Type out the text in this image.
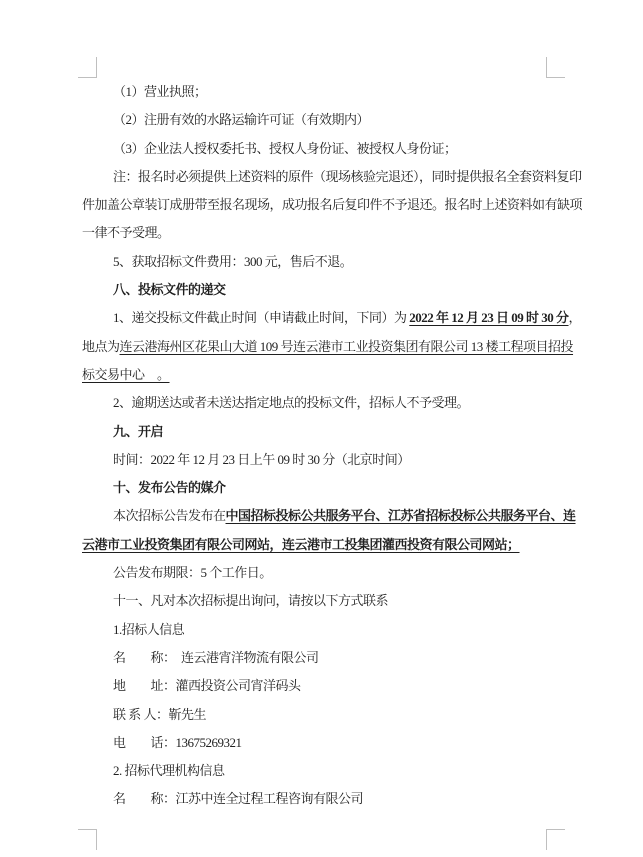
（1）营业执照；
（2）注册有效的水路运输许可证（有效期内）
（3）企业法人授权委托书、授权人身份证、被授权人身份证；
注：报名时必须提供上述资料的原件（现场核验完退还），同时提供报名全套资料复印
件加盖公章装订成册带至报名现场，成功报名后复印件不予退还。报名时上述资料如有缺项
一律不予受理。
5、获取招标文件费用：300 元，售后不退。
八、投标文件的递交
1、递交投标文件截止时间（申请截止时间，下同）为 2022 年 12 月 23 日 09 时 30 分，
地点为连云港海州区花果山大道 109 号连云港市工业投资集团有限公司 13 楼工程项目招投
标交易中心　。
2、逾期送达或者未送达指定地点的投标文件，招标人不予受理。
九、开启
时间：2022 年 12 月 23 日上午 09 时 30 分（北京时间）
十、发布公告的媒介
本次招标公告发布在中国招标投标公共服务平台、江苏省招标投标公共服务平台、连
云港市工业投资集团有限公司网站，连云港市工投集团灌西投资有限公司网站；
公告发布期限：5 个工作日。
十一、凡对本次招标提出询问，请按以下方式联系
1.招标人信息
名　　称：  连云港宵洋物流有限公司
地　　址：灌西投资公司宵洋码头
联 系 人：靳先生
电　　话：13675269321
2. 招标代理机构信息
名　　称：江苏中连全过程工程咨询有限公司
